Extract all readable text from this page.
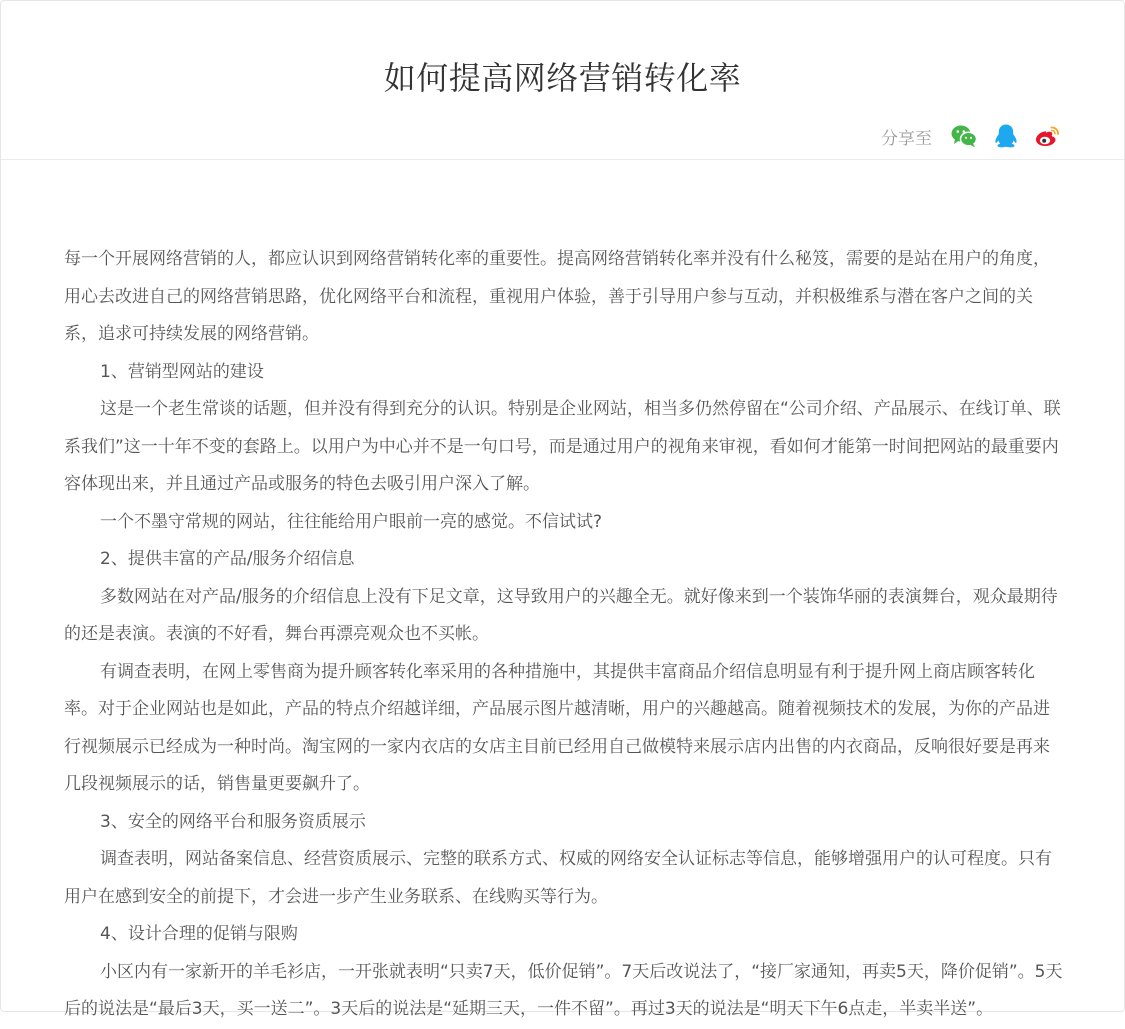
如何提高网络营销转化率
分享至

每一个开展网络营销的人，都应认识到网络营销转化率的重要性。提高网络营销转化率并没有什么秘笈，需要的是站在用户的角度，用心去改进自己的网络营销思路，优化网络平台和流程，重视用户体验，善于引导用户参与互动，并积极维系与潜在客户之间的关系，追求可持续发展的网络营销。

1、营销型网站的建设

这是一个老生常谈的话题，但并没有得到充分的认识。特别是企业网站，相当多仍然停留在“公司介绍、产品展示、在线订单、联系我们”这一十年不变的套路上。以用户为中心并不是一句口号，而是通过用户的视角来审视，看如何才能第一时间把网站的最重要内容体现出来，并且通过产品或服务的特色去吸引用户深入了解。

一个不墨守常规的网站，往往能给用户眼前一亮的感觉。不信试试?

2、提供丰富的产品/服务介绍信息

多数网站在对产品/服务的介绍信息上没有下足文章，这导致用户的兴趣全无。就好像来到一个装饰华丽的表演舞台，观众最期待的还是表演。表演的不好看，舞台再漂亮观众也不买帐。

有调查表明，在网上零售商为提升顾客转化率采用的各种措施中，其提供丰富商品介绍信息明显有利于提升网上商店顾客转化率。对于企业网站也是如此，产品的特点介绍越详细，产品展示图片越清晰，用户的兴趣越高。随着视频技术的发展，为你的产品进行视频展示已经成为一种时尚。淘宝网的一家内衣店的女店主目前已经用自己做模特来展示店内出售的内衣商品，反响很好要是再来几段视频展示的话，销售量更要飙升了。

3、安全的网络平台和服务资质展示

调查表明，网站备案信息、经营资质展示、完整的联系方式、权威的网络安全认证标志等信息，能够增强用户的认可程度。只有用户在感到安全的前提下，才会进一步产生业务联系、在线购买等行为。

4、设计合理的促销与限购

小区内有一家新开的羊毛衫店，一开张就表明“只卖7天，低价促销”。7天后改说法了，“接厂家通知，再卖5天，降价促销”。5天后的说法是“最后3天，买一送二”。3天后的说法是“延期三天，一件不留”。再过3天的说法是“明天下午6点走，半卖半送”。
